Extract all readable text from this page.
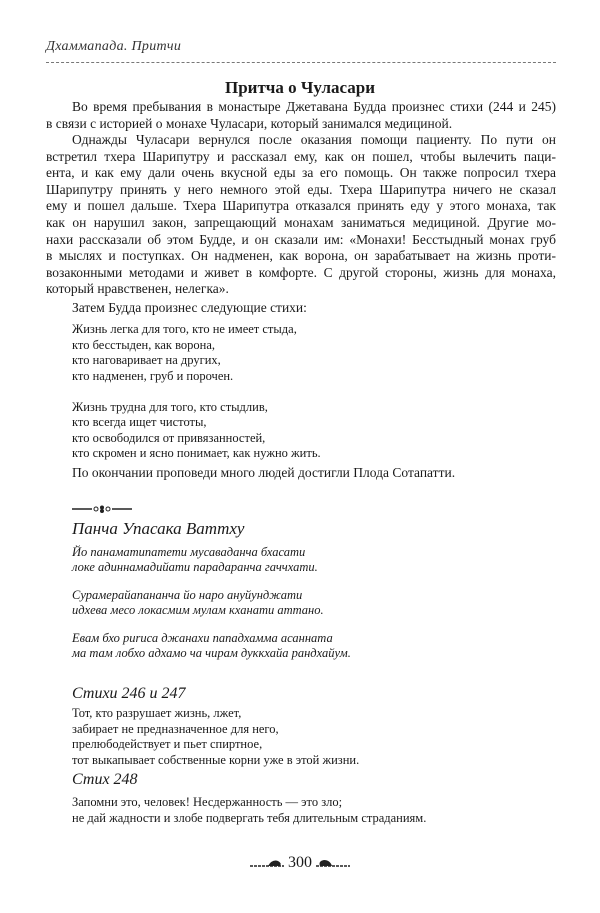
Дхаммапада. Притчи
Притча о Чуласари
Во время пребывания в монастыре Джетавана Будда произнес стихи (244 и 245)
в связи с историей о монахе Чуласари, который занимался медициной.
Однажды Чуласари вернулся после оказания помощи пациенту. По пути он
встретил тхера Шарипутру и рассказал ему, как он пошел, чтобы вылечить паци-
ента, и как ему дали очень вкусной еды за его помощь. Он также попросил тхера
Шарипутру принять у него немного этой еды. Тхера Шарипутра ничего не сказал
ему и пошел дальше. Тхера Шарипутра отказался принять еду у этого монаха, так
как он нарушил закон, запрещающий монахам заниматься медициной. Другие мо-
нахи рассказали об этом Будде, и он сказали им: «Монахи! Бесстыдный монах груб
в мыслях и поступках. Он надменен, как ворона, он зарабатывает на жизнь проти-
возаконными методами и живет в комфорте. С другой стороны, жизнь для монаха,
который нравственен, нелегка».
Затем Будда произнес следующие стихи:
Жизнь легка для того, кто не имеет стыда,
кто бесстыден, как ворона,
кто наговаривает на других,
кто надменен, груб и порочен.
Жизнь трудна для того, кто стыдлив,
кто всегда ищет чистоты,
кто освободился от привязанностей,
кто скромен и ясно понимает, как нужно жить.
По окончании проповеди много людей достигли Плода Сотапатти.
Панча Упасака Ваттху
Йо панаматипатети мусаваданча бхасати
локе адиннамадийати парадаранча гаччхати.
Сурамерайапананча йо наро ануйунджати
идхева месо локасмим мулам кханати аттано.
Евам бхо purиса джанахи пападхамма асанната
ма там лобхо адхамо ча чирам дуккхайа рандхайум.
Стихи 246 и 247
Тот, кто разрушает жизнь, лжет,
забирает не предназначенное для него,
прелюбодействует и пьет спиртное,
тот выкапывает собственные корни уже в этой жизни.
Стих 248
Запомни это, человек! Несдержанность — это зло;
не дай жадности и злобе подвергать тебя длительным страданиям.
300
